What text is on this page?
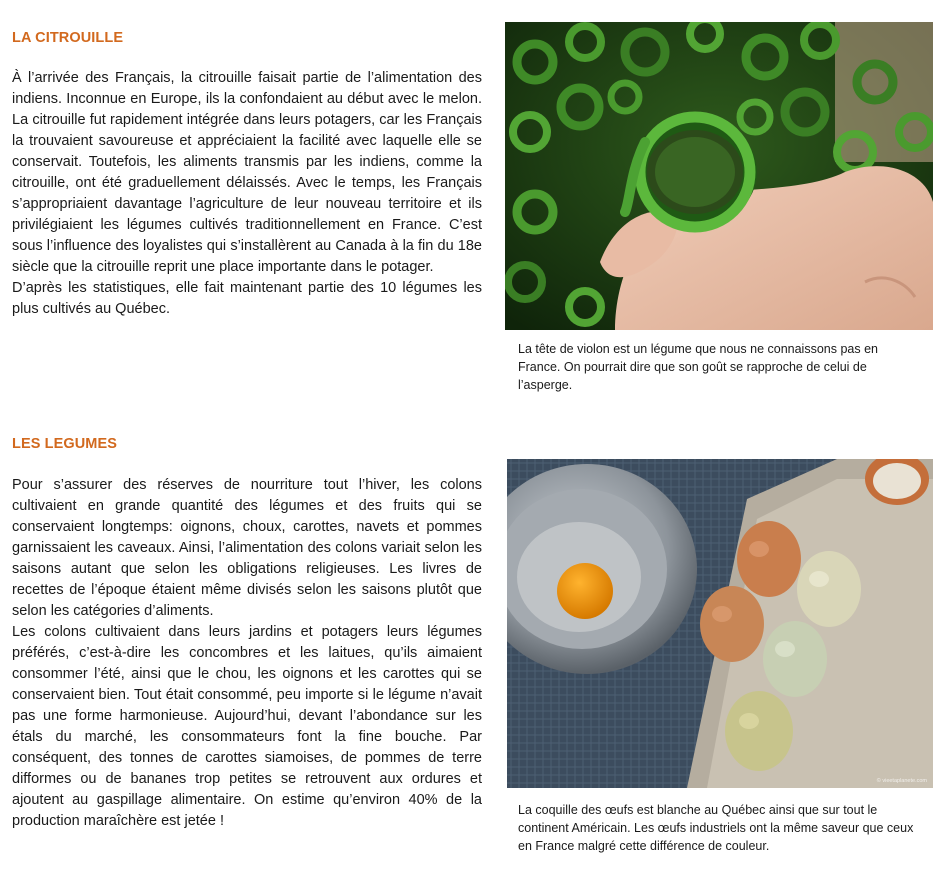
LA CITROUILLE

À l’arrivée des Français, la citrouille faisait partie de l’alimentation des indiens. Inconnue en Europe, ils la confondaient au début avec le melon. La citrouille fut rapidement intégrée dans leurs potagers, car les Français la trouvaient savoureuse et appréciaient la facilité avec laquelle elle se conservait. Toutefois, les aliments transmis par les indiens, comme la citrouille, ont été graduellement délaissés. Avec le temps, les Français s’appropriaient davantage l’agriculture de leur nouveau territoire et ils privilégiaient les légumes cultivés traditionnellement en France. C’est sous l’influence des loyalistes qui s’installèrent au Canada à la fin du 18e siècle que la citrouille reprit une place importante dans le potager.

D’après les statistiques, elle fait maintenant partie des 10 légumes les plus cultivés au Québec.

La tête de violon est un légume que nous ne connaissons pas en France. On pourrait dire que son goût se rapproche de celui de l’asperge.

LES LEGUMES

Pour s’assurer des réserves de nourriture tout l’hiver, les colons cultivaient en grande quantité des légumes et des fruits qui se conservaient longtemps: oignons, choux, carottes, navets et pommes garnissaient les caveaux. Ainsi, l’alimentation des colons variait selon les saisons autant que selon les obligations religieuses. Les livres de recettes de l’époque étaient même divisés selon les saisons plutôt que selon les catégories d’aliments.

Les colons cultivaient dans leurs jardins et potagers leurs légumes préférés, c’est-à-dire les concombres et les laitues, qu’ils aimaient consommer l’été, ainsi que le chou, les oignons et les carottes qui se conservaient bien. Tout était consommé, peu importe si le légume n’avait pas une forme harmonieuse. Aujourd’hui, devant l’abondance sur les étals du marché, les consommateurs font la fine bouche. Par conséquent, des tonnes de carottes siamoises, de pommes de terre difformes ou de bananes trop petites se retrouvent aux ordures et ajoutent au gaspillage alimentaire. On estime qu’environ 40% de la production maraîchère est jetée !

© vieetaplanete.com

La coquille des œufs est blanche au Québec ainsi que sur tout le continent Américain. Les œufs industriels ont la même saveur que ceux en France malgré cette différence de couleur.
